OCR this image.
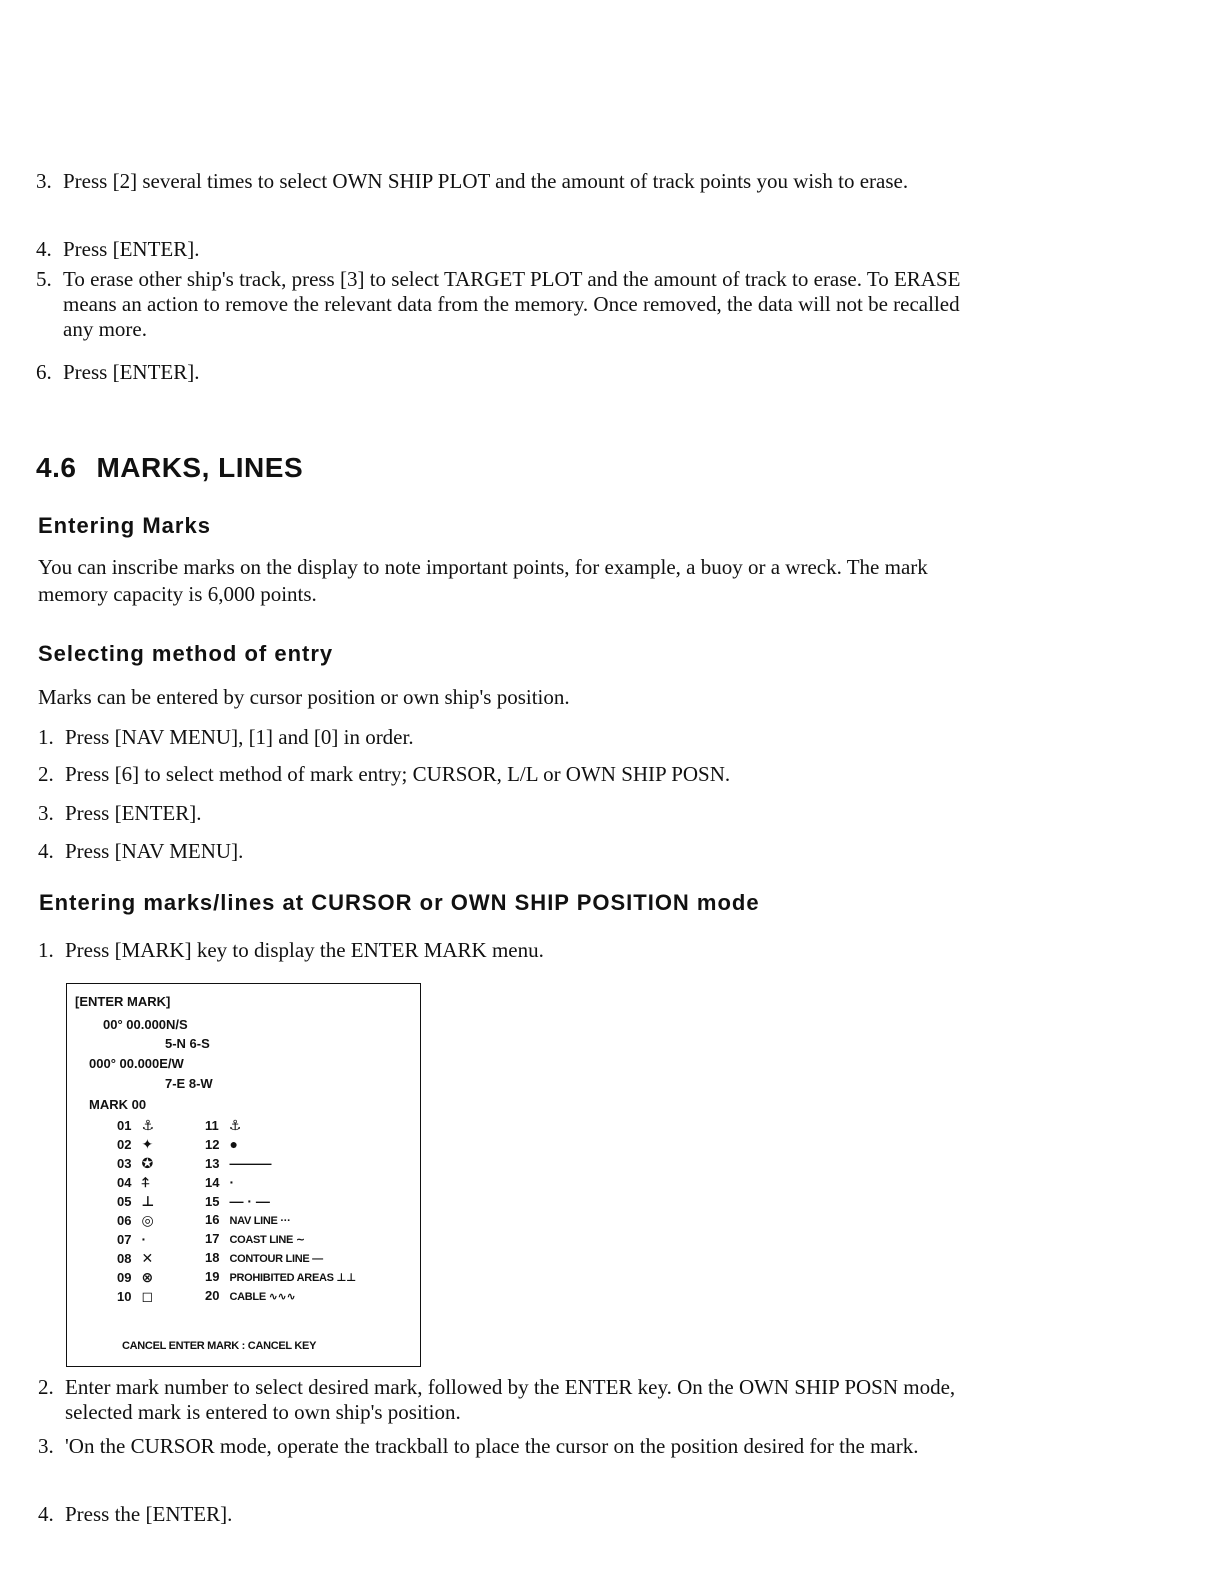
3. Press [2] several times to select OWN SHIP PLOT and the amount of track points you wish to erase.
4. Press [ENTER].
5. To erase other ship's track, press [3] to select TARGET PLOT and the amount of track to erase. To ERASE means an action to remove the relevant data from the memory. Once removed, the data will not be recalled any more.
6. Press [ENTER].
4.6 MARKS, LINES
Entering Marks
You can inscribe marks on the display to note important points, for example, a buoy or a wreck. The mark memory capacity is 6,000 points.
Selecting method of entry
Marks can be entered by cursor position or own ship's position.
1. Press [NAV MENU], [1] and [0] in order.
2. Press [6] to select method of mark entry; CURSOR, L/L or OWN SHIP POSN.
3. Press [ENTER].
4. Press [NAV MENU].
Entering marks/lines at CURSOR or OWN SHIP POSITION mode
1. Press [MARK] key to display the ENTER MARK menu.
[ENTER MARK]
00° 00.000N/S
5-N 6-S
000° 00.000E/W
7-E 8-W
MARK 00
01 ⚓
02 ✦
03 ✪
04 ⍏
05 ⊥
06 ◎
07 ·
08 ✕
09 ⊗
10 ◻
11 ⚓
12 ●
13 ———
14 ·
15 — · —
16 NAV LINE ···
17 COAST LINE ∼
18 CONTOUR LINE —
19 PROHIBITED AREAS ⊥⊥
20 CABLE ∿∿∿
CANCEL ENTER MARK : CANCEL KEY
2. Enter mark number to select desired mark, followed by the ENTER key. On the OWN SHIP POSN mode, selected mark is entered to own ship's position.
3. 'On the CURSOR mode, operate the trackball to place the cursor on the position desired for the mark.
4. Press the [ENTER].
